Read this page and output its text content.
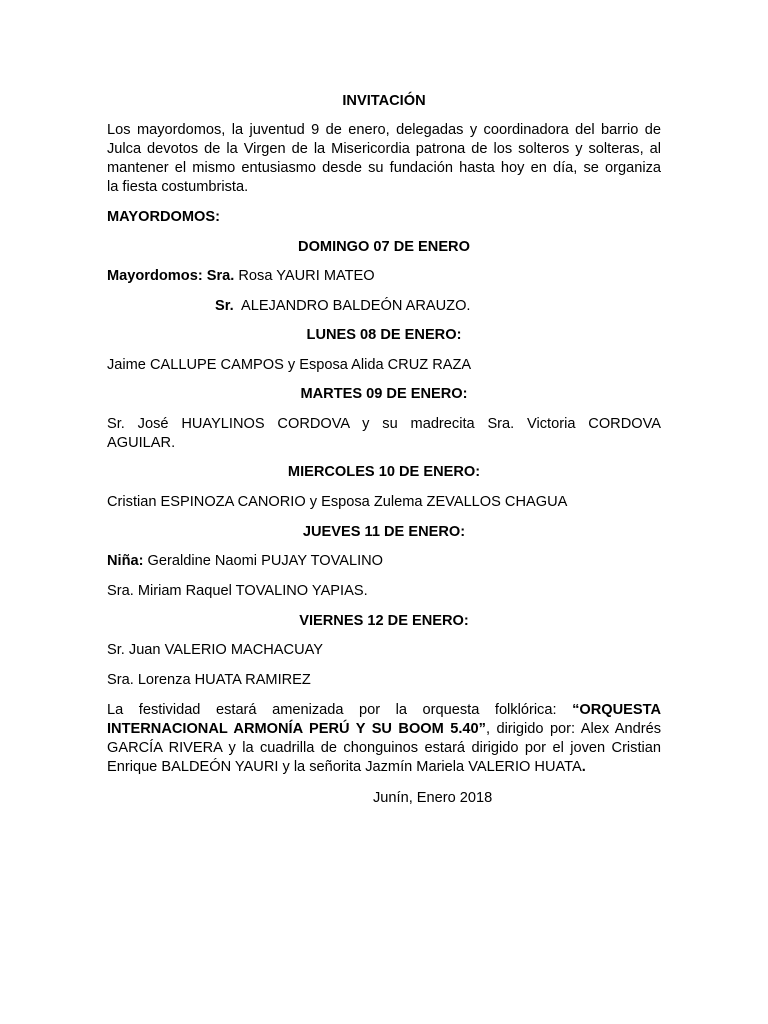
INVITACIÓN

Los mayordomos, la juventud 9 de enero, delegadas y coordinadora del barrio de

Julca devotos de la Virgen de la Misericordia patrona de los solteros y solteras, al

mantener el mismo entusiasmo desde su fundación hasta hoy en día, se organiza

la fiesta costumbrista.

MAYORDOMOS:

DOMINGO 07 DE ENERO

Mayordomos: Sra. Rosa YAURI MATEO

Sr.  ALEJANDRO BALDEÓN ARAUZO.

LUNES 08 DE ENERO:

Jaime CALLUPE CAMPOS y Esposa Alida CRUZ RAZA

MARTES 09 DE ENERO:

Sr. José HUAYLINOS CORDOVA y su madrecita Sra. Victoria CORDOVA

AGUILAR.

MIERCOLES 10 DE ENERO:

Cristian ESPINOZA CANORIO y Esposa Zulema ZEVALLOS CHAGUA

JUEVES 11 DE ENERO:

Niña: Geraldine Naomi PUJAY TOVALINO

Sra. Miriam Raquel TOVALINO YAPIAS.

VIERNES 12 DE ENERO:

Sr. Juan VALERIO MACHACUAY

Sra. Lorenza HUATA RAMIREZ

La festividad estará amenizada por la orquesta folklórica: “ORQUESTA

INTERNACIONAL ARMONÍA PERÚ Y SU BOOM 5.40”, dirigido por: Alex Andrés

GARCÍA RIVERA y la cuadrilla de chonguinos estará dirigido por el joven Cristian

Enrique BALDEÓN YAURI y la señorita Jazmín Mariela VALERIO HUATA.

Junín, Enero 2018
